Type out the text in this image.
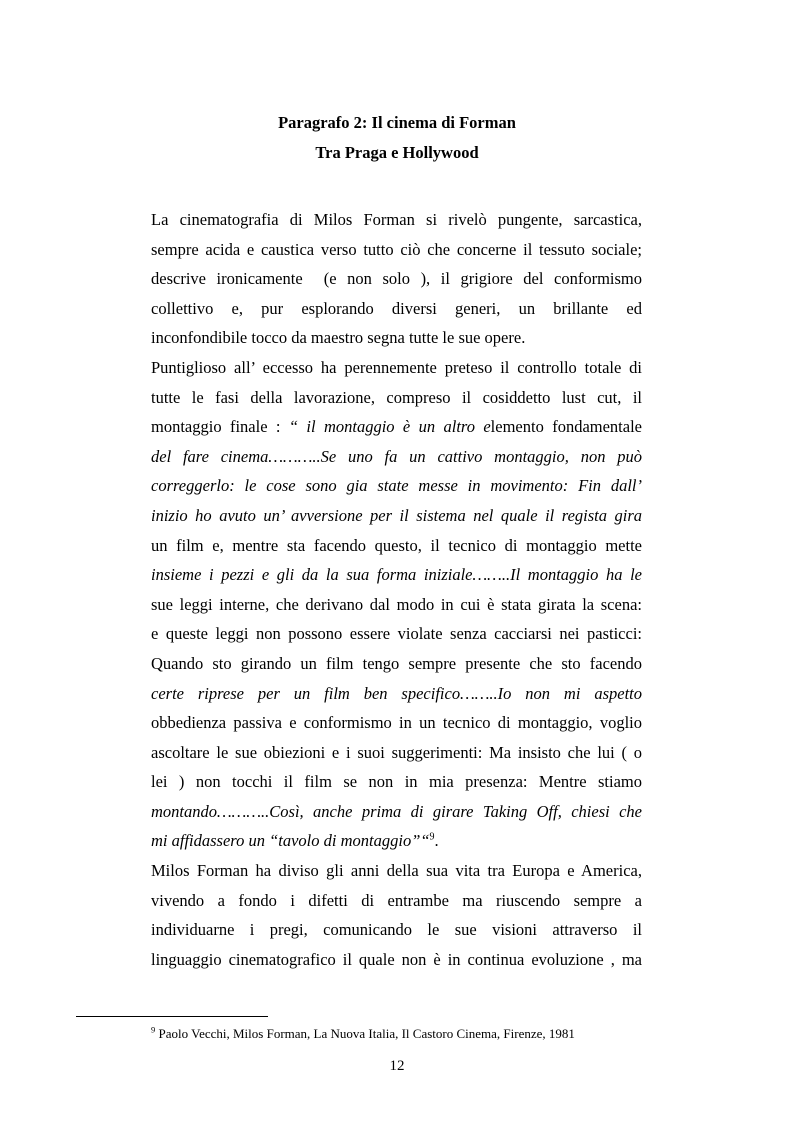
Paragrafo 2: Il cinema di Forman
Tra Praga e Hollywood
La cinematografia di Milos Forman si rivelò pungente, sarcastica,
sempre acida e caustica verso tutto ciò che concerne il tessuto sociale;
descrive ironicamente  (e non solo ), il grigiore del conformismo
collettivo e, pur esplorando diversi generi, un brillante ed
inconfondibile tocco da maestro segna tutte le sue opere.
Puntiglioso all’ eccesso ha perennemente preteso il controllo totale di
tutte le fasi della lavorazione, compreso il cosiddetto lust cut, il
montaggio finale : “ il montaggio è un altro elemento fondamentale
del fare cinema………..Se uno fa un cattivo montaggio, non può
correggerlo: le cose sono gia state messe in movimento: Fin dall’
inizio ho avuto un’ avversione per il sistema nel quale il regista gira
un film e, mentre sta facendo questo, il tecnico di montaggio mette
insieme i pezzi e gli da la sua forma iniziale……..Il montaggio ha le
sue leggi interne, che derivano dal modo in cui è stata girata la scena:
e queste leggi non possono essere violate senza cacciarsi nei pasticci:
Quando sto girando un film tengo sempre presente che sto facendo
certe riprese per un film ben specifico……..Io non mi aspetto
obbedienza passiva e conformismo in un tecnico di montaggio, voglio
ascoltare le sue obiezioni e i suoi suggerimenti: Ma insisto che lui ( o
lei ) non tocchi il film se non in mia presenza: Mentre stiamo
montando………..Così, anche prima di girare Taking Off, chiesi che
mi affidassero un “tavolo di montaggio”“$^9$.
Milos Forman ha diviso gli anni della sua vita tra Europa e America,
vivendo a fondo i difetti di entrambe ma riuscendo sempre a
individuarne i pregi, comunicando le sue visioni attraverso il
linguaggio cinematografico il quale non è in continua evoluzione , ma
$^9$ Paolo Vecchi, Milos Forman, La Nuova Italia, Il Castoro Cinema, Firenze, 1981
12
